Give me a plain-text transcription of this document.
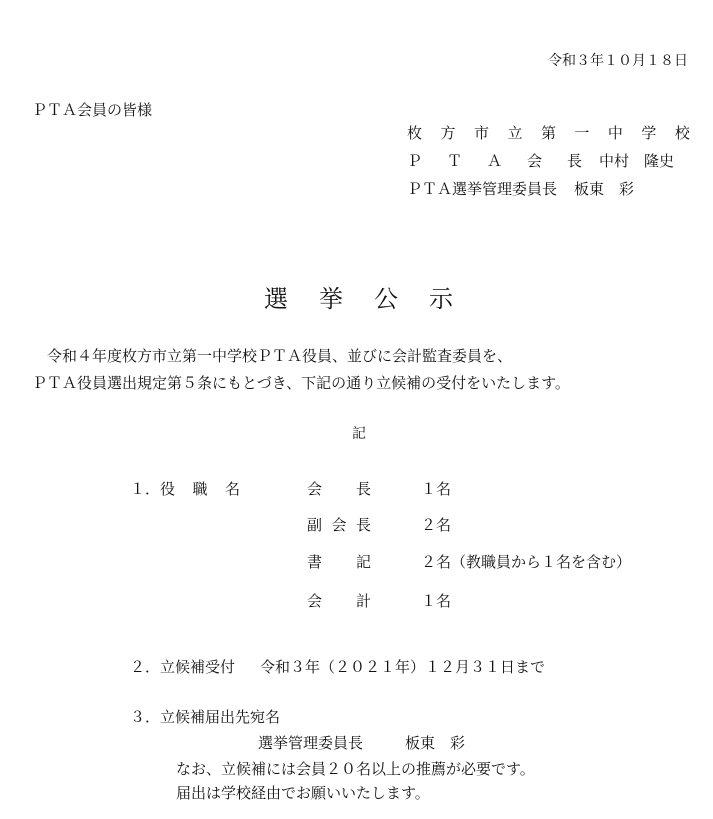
令和３年１０月１８日
ＰＴＡ会員の皆様
枚 方 市 立 第 一 中 学 校
Ｐ Ｔ Ａ 会 長 中村 隆史
ＰＴＡ選挙管理委員長 板東 彩
選 挙 公 示
令和４年度枚方市立第一中学校ＰＴＡ役員、並びに会計監査委員を、
ＰＴＡ役員選出規定第５条にもとづき、下記の通り立候補の受付をいたします。
記
１． 役 職 名	会 長	１名
副 会 長	２名
書 記	２名（教職員から１名を含む）
会 計	１名
２． 立候補受付 令和３年（２０２１年）１２月３１日まで
３． 立候補届出先宛名
選挙管理委員長	板東　彩
なお、立候補には会員２０名以上の推薦が必要です。
届出は学校経由でお願いいたします。
